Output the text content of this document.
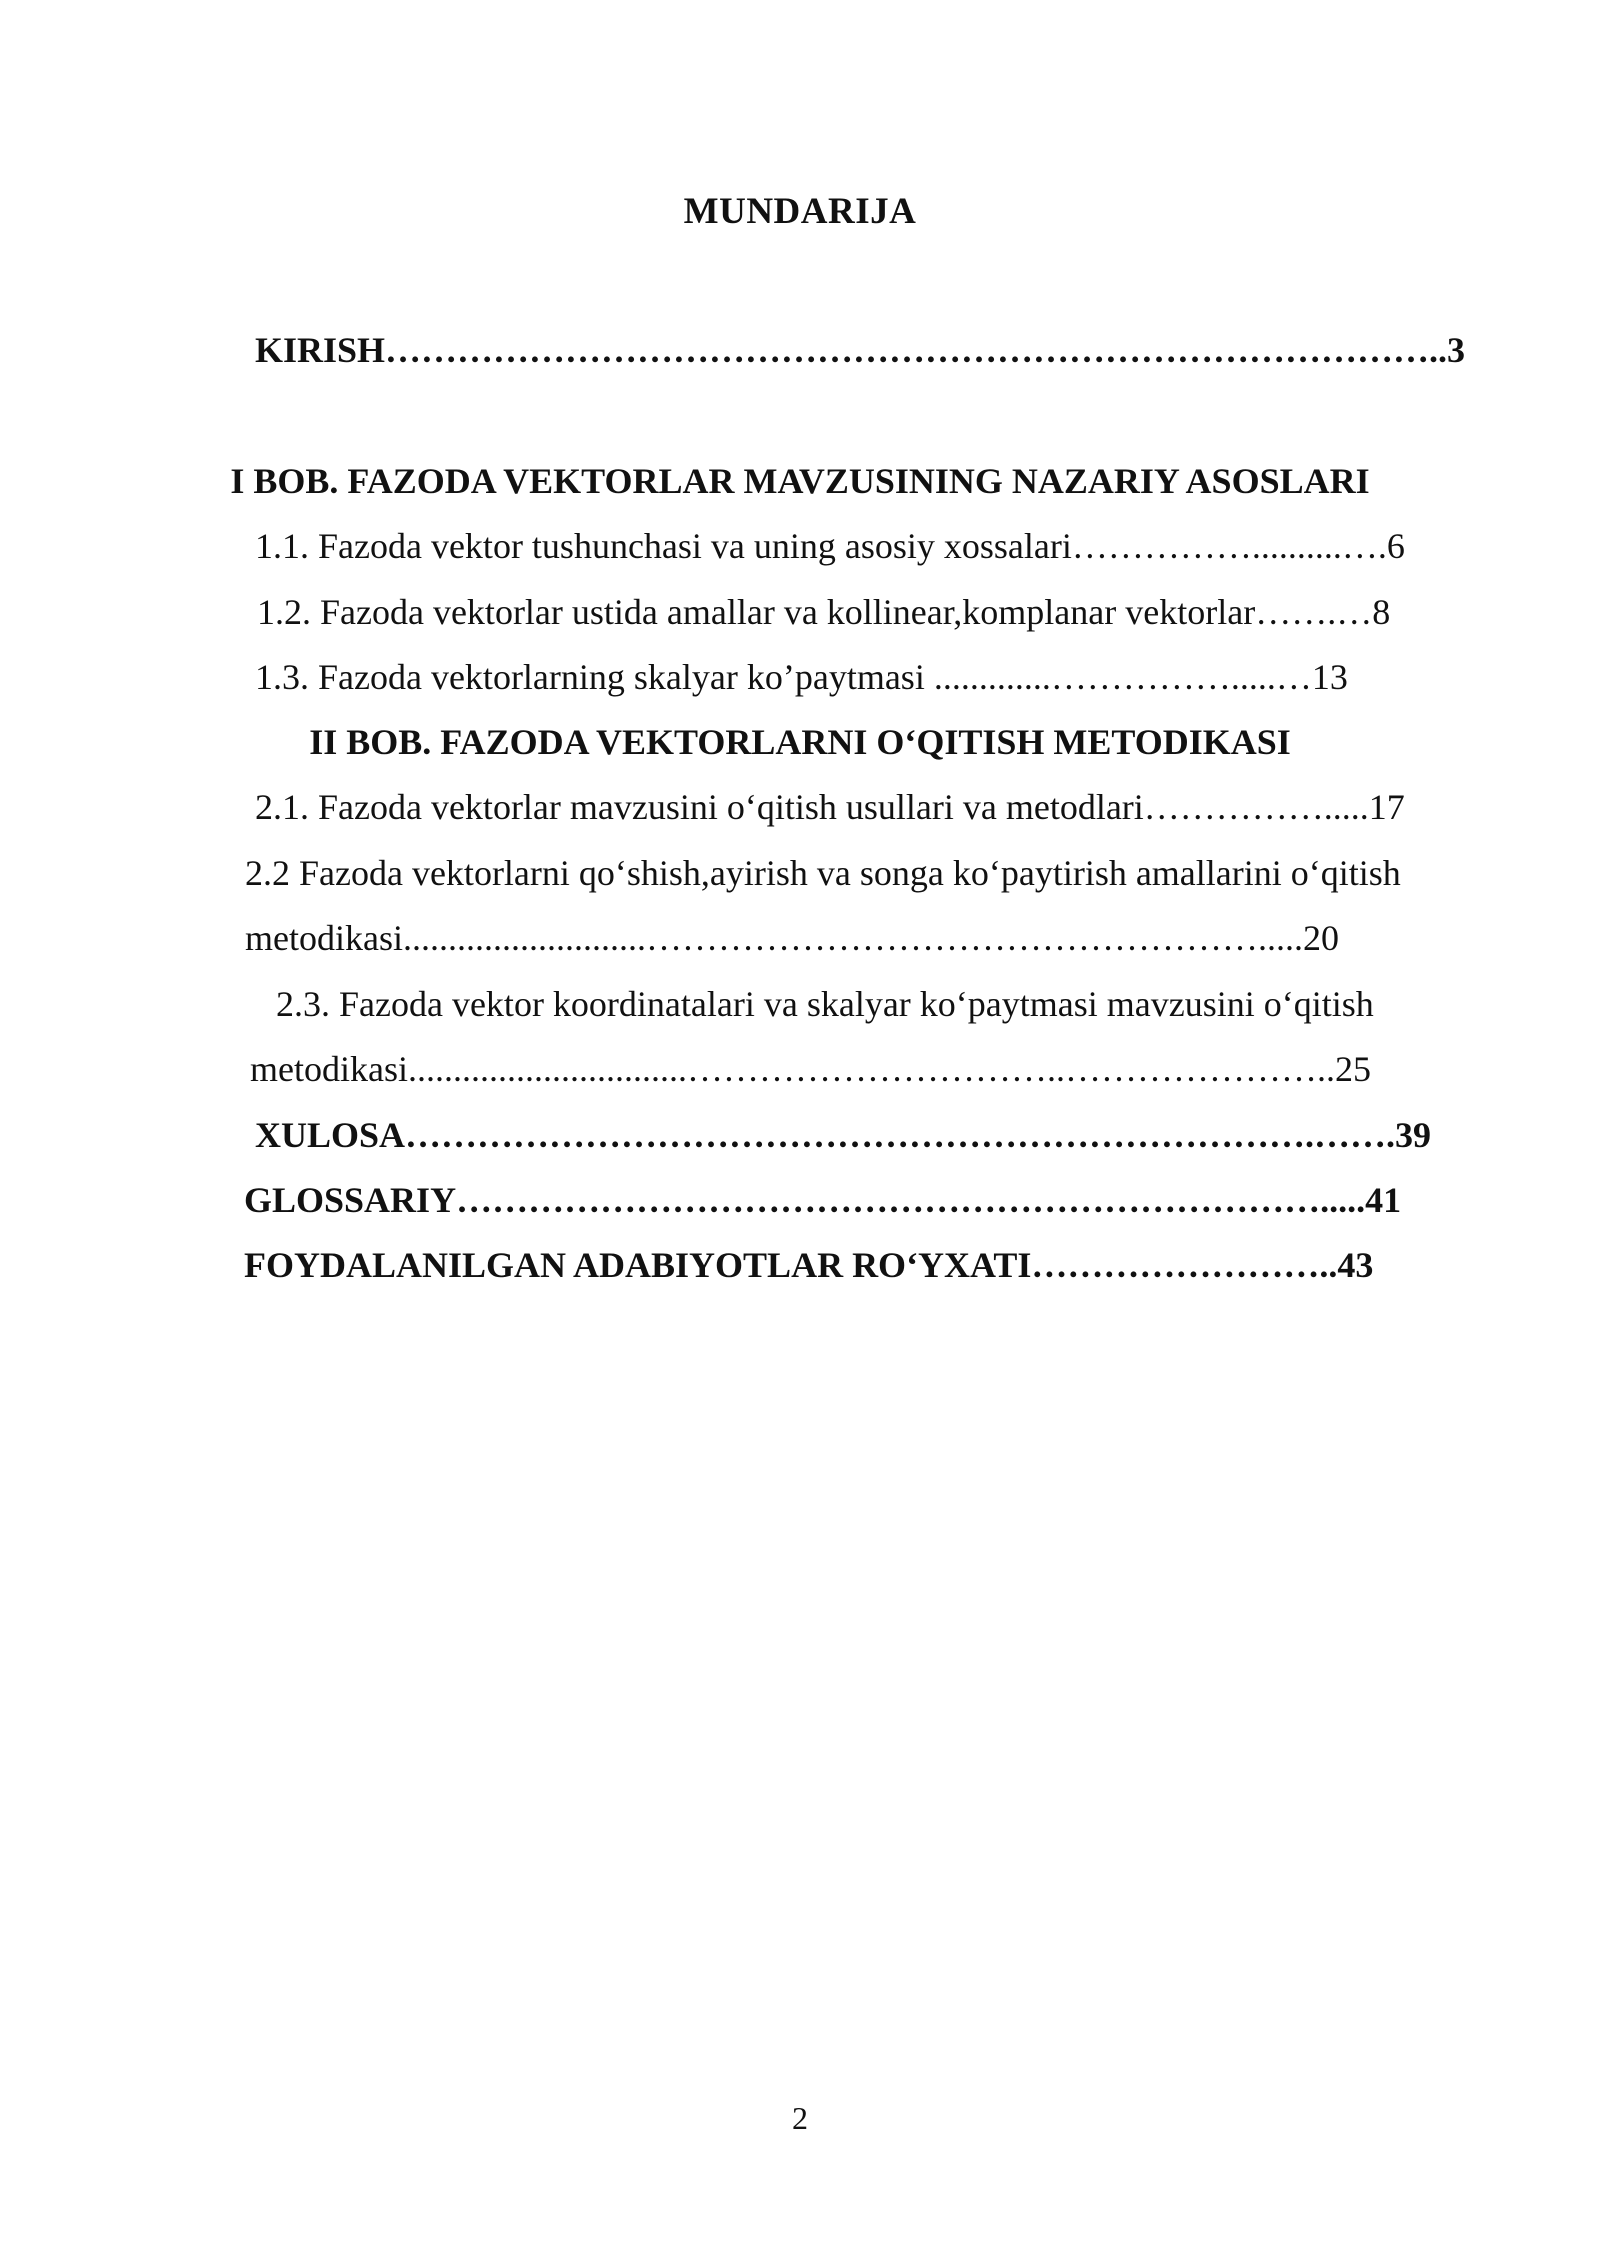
MUNDARIJA
KIRISH……………………………………………………………………………..3
I BOB. FAZODA VEKTORLAR MAVZUSINING NAZARIY ASOSLARI
1.1. Fazoda vektor tushunchasi va uning asosiy xossalari……………..........….6
1.2. Fazoda vektorlar ustida amallar va kollinear,komplanar vektorlar…….…8
1.3. Fazoda vektorlarning skalyar ko’paytmasi .............…………….....…13
II BOB. FAZODA VEKTORLARNI O‘QITISH METODIKASI
2.1. Fazoda vektorlar mavzusini o‘qitish usullari va metodlari…………….....17
2.2 Fazoda vektorlarni qo‘shish,ayirish va songa ko‘paytirish amallarini o‘qitish
metodikasi...........................…………………………………………….....20
2.3. Fazoda vektor koordinatalari va skalyar ko‘paytmasi mavzusini o‘qitish
metodikasi...............................…………………………..…………………..25
XULOSA………………………………………………………………….…….39
GLOSSARIY……………………………………………………………….....41
FOYDALANILGAN ADABIYOTLAR RO‘YXATI……………………..43
2
